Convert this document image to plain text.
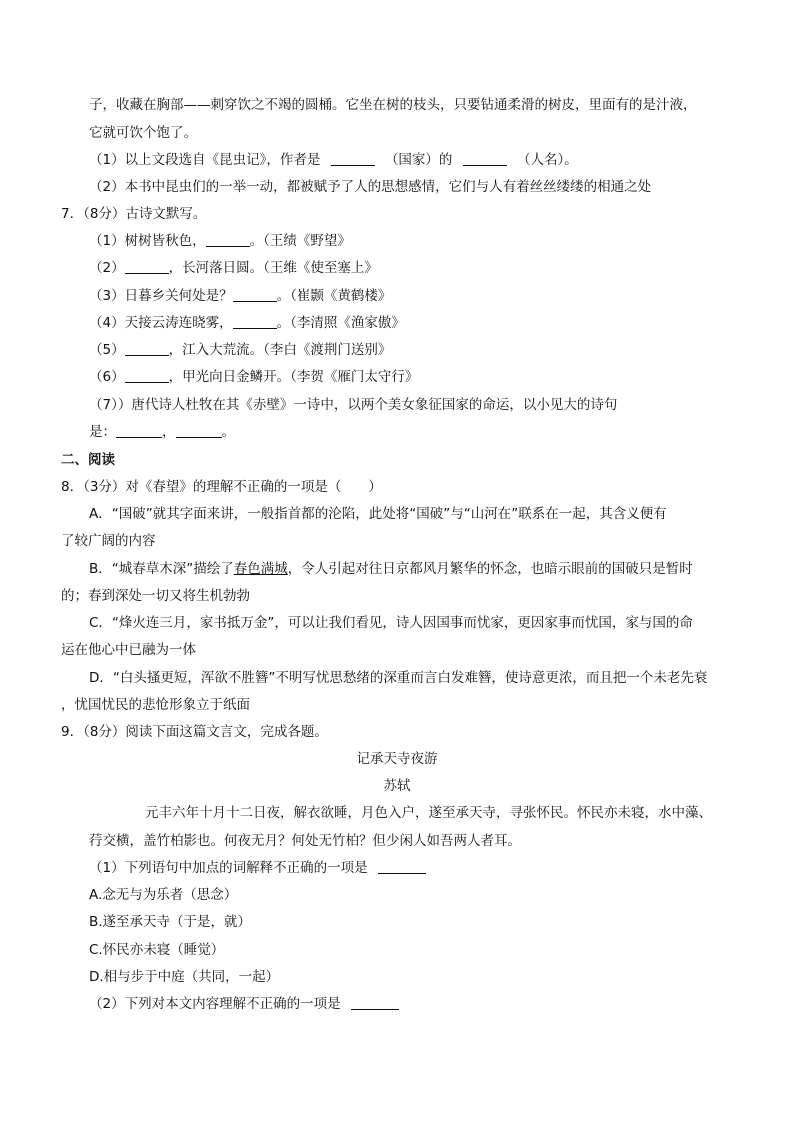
子，收藏在胸部——刺穿饮之不竭的圆桶。它坐在树的枝头，只要钻通柔滑的树皮，里面有的是汁液，
它就可饮个饱了。
（1）以上文段选自《昆虫记》，作者是	（国家）的	（人名）。
（2）本书中昆虫们的一举一动，都被赋予了人的思想感情，它们与人有着丝丝缕缕的相通之处
7．（8分）古诗文默写。
（1）树树皆秋色，	。（王绩《野望》
（2）	，长河落日圆。（王维《使至塞上》
（3）日暮乡关何处是？	。（崔颢《黄鹤楼》
（4）天接云涛连晓雾，	。（李清照《渔家傲》
（5）	，江入大荒流。（李白《渡荆门送别》
（6）	，甲光向日金鳞开。（李贺《雁门太守行》
（7））唐代诗人杜牧在其《赤壁》一诗中，以两个美女象征国家的命运，以小见大的诗句
是：	，	。
二、阅读
8．（3分）对《春望》的理解不正确的一项是（　　）
A．“国破”就其字面来讲，一般指首都的沦陷，此处将“国破”与“山河在”联系在一起，其含义便有
了较广阔的内容
B．“城春草木深”描绘了春色满城，令人引起对往日京都风月繁华的怀念，也暗示眼前的国破只是暂时
的；春到深处一切又将生机勃勃
C．“烽火连三月，家书抵万金”，可以让我们看见，诗人因国事而忧家，更因家事而忧国，家与国的命
运在他心中已融为一体
D．“白头搔更短，浑欲不胜簪”不明写忧思愁绪的深重而言白发难簪，使诗意更浓，而且把一个未老先衰
，忧国忧民的悲怆形象立于纸面
9．（8分）阅读下面这篇文言文，完成各题。
记承天寺夜游
苏轼
元丰六年十月十二日夜，解衣欲睡，月色入户，遂至承天寺，寻张怀民。怀民亦未寝，水中藻、
荇交横，盖竹柏影也。何夜无月？何处无竹柏？但少闲人如吾两人者耳。
（1）下列语句中加点的词解释不正确的一项是
A.念无与为乐者（思念）
B.遂至承天寺（于是，就）
C.怀民亦未寝（睡觉）
D.相与步于中庭（共同，一起）
（2）下列对本文内容理解不正确的一项是
